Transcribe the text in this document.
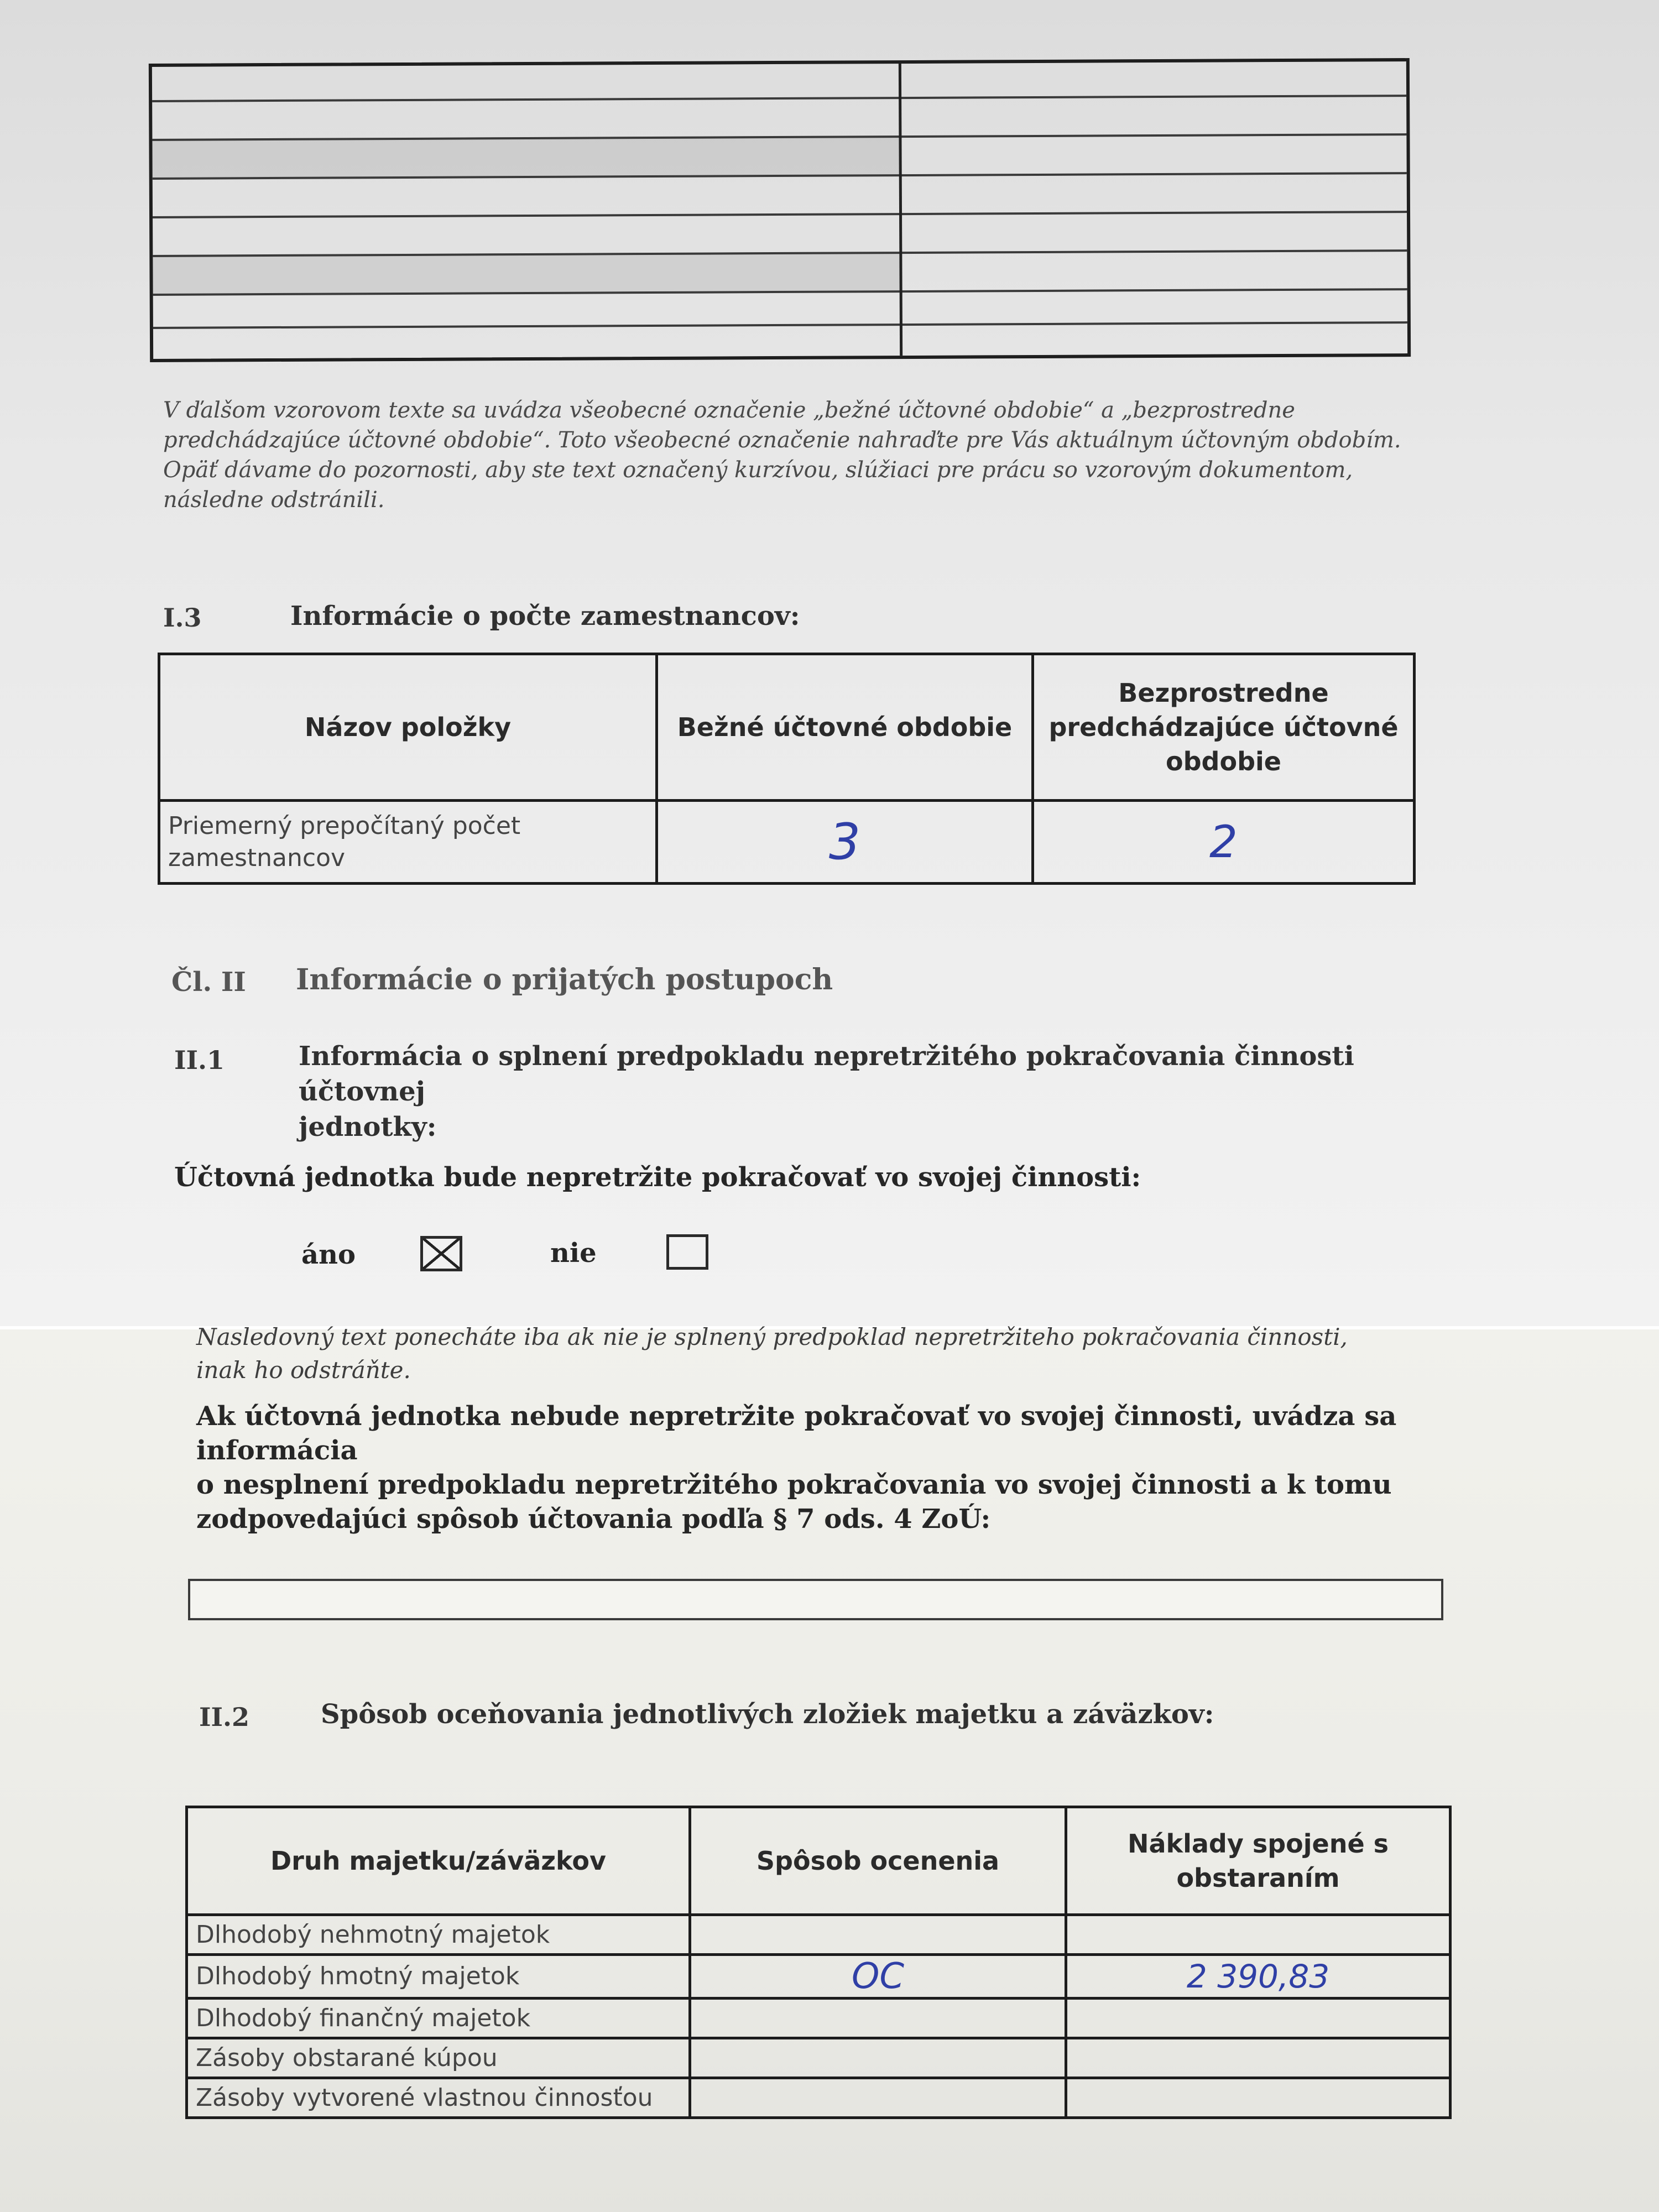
V ďalšom vzorovom texte sa uvádza všeobecné označenie „bežné účtovné obdobie“ a „bezprostredne
predchádzajúce účtovné obdobie“. Toto všeobecné označenie nahraďte pre Vás aktuálnym účtovným obdobím.
Opäť dávame do pozornosti, aby ste text označený kurzívou, slúžiaci pre prácu so vzorovým dokumentom,
následne odstránili.
I.3	Informácie o počte zamestnancov:
Názov položky	Bežné účtovné obdobie	Bezprostredne predchádzajúce účtovné obdobie
Priemerný prepočítaný počet zamestnancov	3	2
Čl. II Informácie o prijatých postupoch
II.1	Informácia o splnení predpokladu nepretržitého pokračovania činnosti účtovnej
jednotky:
Účtovná jednotka bude nepretržite pokračovať vo svojej činnosti:
áno	nie
Nasledovný text ponecháte iba ak nie je splnený predpoklad nepretržiteho pokračovania činnosti,
inak ho odstráňte.
Ak účtovná jednotka nebude nepretržite pokračovať vo svojej činnosti, uvádza sa
informácia
o nesplnení predpokladu nepretržitého pokračovania vo svojej činnosti a k tomu
zodpovedajúci spôsob účtovania podľa § 7 ods. 4 ZoÚ:
II.2	Spôsob oceňovania jednotlivých zložiek majetku a záväzkov:
Druh majetku/záväzkov	Spôsob ocenenia	Náklady spojené s obstaraním
Dlhodobý nehmotný majetok		
Dlhodobý hmotný majetok	OC	2 390,83
Dlhodobý finančný majetok		
Zásoby obstarané kúpou		
Zásoby vytvorené vlastnou činnosťou		
